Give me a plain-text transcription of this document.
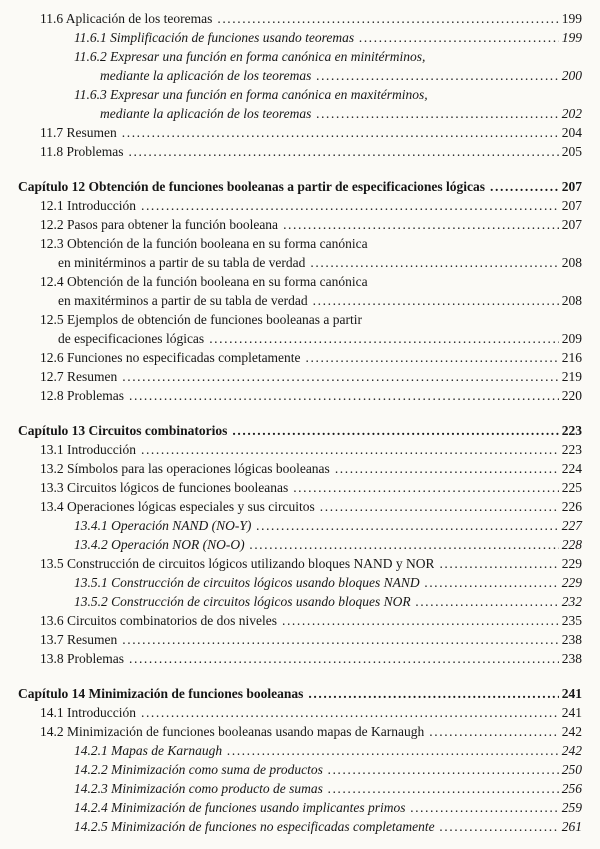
11.6 Aplicación de los teoremas .....	199
11.6.1 Simplificación de funciones usando teoremas .....	199
11.6.2 Expresar una función en forma canónica en minitérminos,
mediante la aplicación de los teoremas .....	200
11.6.3 Expresar una función en forma canónica en maxitérminos,
mediante la aplicación de los teoremas .....	202
11.7 Resumen .....	204
11.8 Problemas .....	205
Capítulo 12 Obtención de funciones booleanas a partir de especificaciones lógicas .....	207
12.1 Introducción .....	207
12.2 Pasos para obtener la función booleana .....	207
12.3 Obtención de la función booleana en su forma canónica
en minitérminos a partir de su tabla de verdad .....	208
12.4 Obtención de la función booleana en su forma canónica
en maxitérminos a partir de su tabla de verdad .....	208
12.5 Ejemplos de obtención de funciones booleanas a partir
de especificaciones lógicas .....	209
12.6 Funciones no especificadas completamente .....	216
12.7 Resumen .....	219
12.8 Problemas .....	220
Capítulo 13 Circuitos combinatorios .....	223
13.1 Introducción .....	223
13.2 Símbolos para las operaciones lógicas booleanas .....	224
13.3 Circuitos lógicos de funciones booleanas .....	225
13.4 Operaciones lógicas especiales y sus circuitos .....	226
13.4.1 Operación NAND (NO-Y) .....	227
13.4.2 Operación NOR (NO-O) .....	228
13.5 Construcción de circuitos lógicos utilizando bloques NAND y NOR .....	229
13.5.1 Construcción de circuitos lógicos usando bloques NAND .....	229
13.5.2 Construcción de circuitos lógicos usando bloques NOR .....	232
13.6 Circuitos combinatorios de dos niveles .....	235
13.7 Resumen .....	238
13.8 Problemas .....	238
Capítulo 14 Minimización de funciones booleanas .....	241
14.1 Introducción .....	241
14.2 Minimización de funciones booleanas usando mapas de Karnaugh .....	242
14.2.1 Mapas de Karnaugh .....	242
14.2.2 Minimización como suma de productos .....	250
14.2.3 Minimización como producto de sumas .....	256
14.2.4 Minimización de funciones usando implicantes primos .....	259
14.2.5 Minimización de funciones no especificadas completamente .....	261
